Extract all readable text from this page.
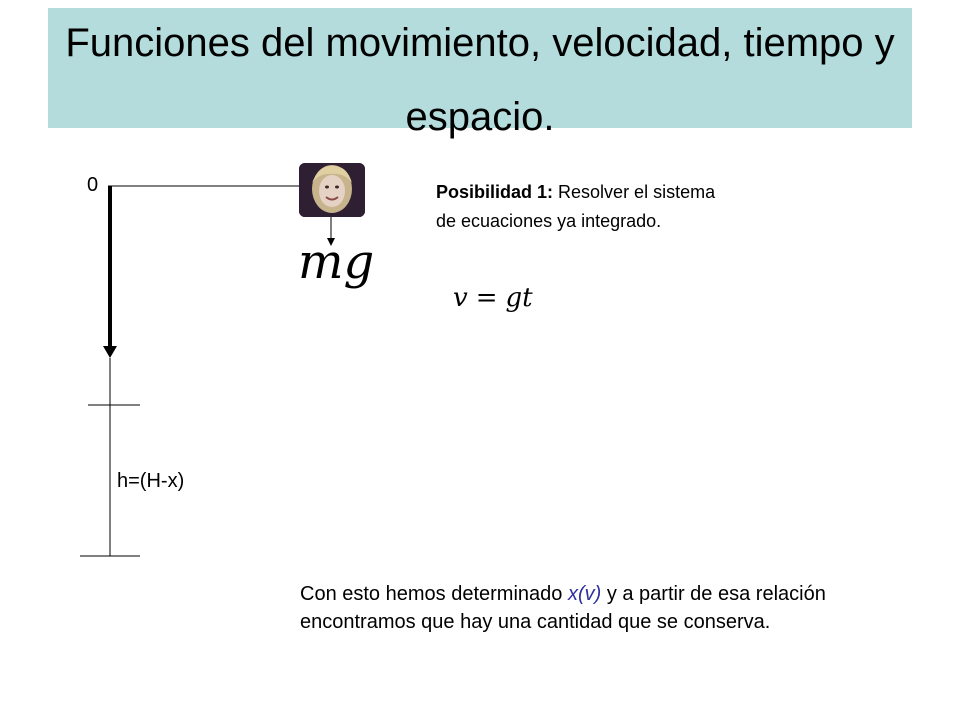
Funciones del movimiento, velocidad, tiempo y espacio.
0
mg
Posibilidad 1: Resolver el sistema de ecuaciones ya integrado.
v = gt
h=(H-x)
Con esto hemos determinado x(v) y a partir de esa relación encontramos que hay una cantidad que se conserva.
